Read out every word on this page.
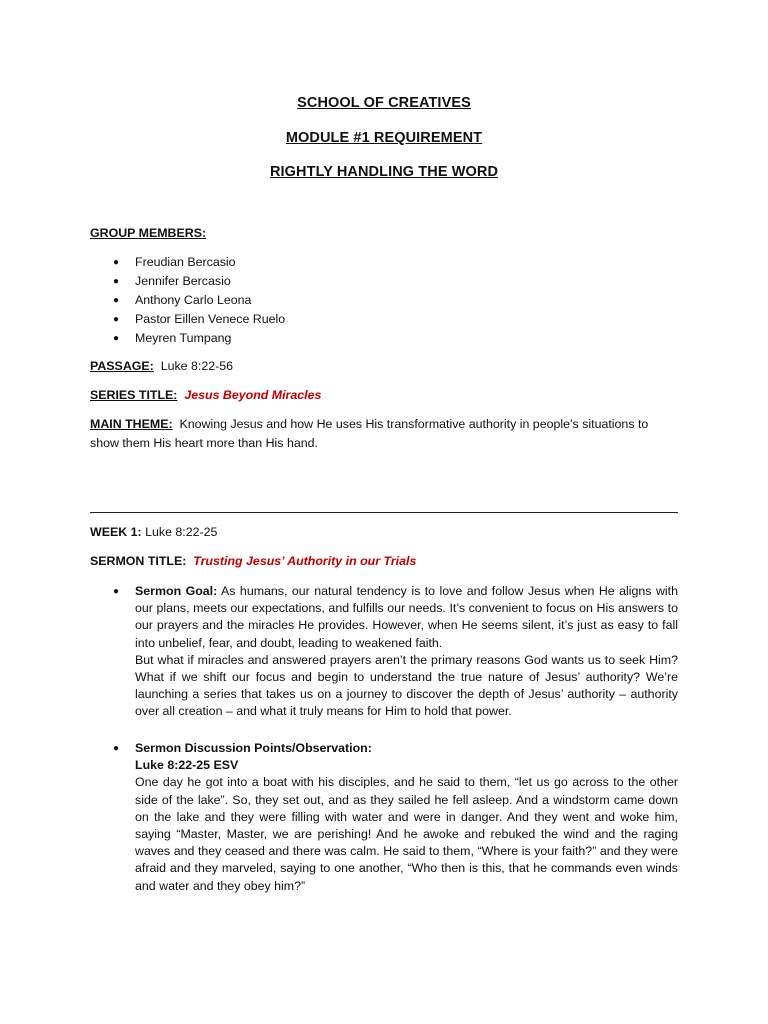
SCHOOL OF CREATIVES
MODULE #1 REQUIREMENT
RIGHTLY HANDLING THE WORD
GROUP MEMBERS:
● Freudian Bercasio
● Jennifer Bercasio
● Anthony Carlo Leona
● Pastor Eillen Venece Ruelo
● Meyren Tumpang
PASSAGE: Luke 8:22-56
SERIES TITLE: Jesus Beyond Miracles
MAIN THEME: Knowing Jesus and how He uses His transformative authority in people’s situations to show them His heart more than His hand.
WEEK 1: Luke 8:22-25
SERMON TITLE: Trusting Jesus’ Authority in our Trials
● Sermon Goal: As humans, our natural tendency is to love and follow Jesus when He aligns with our plans, meets our expectations, and fulfills our needs. It’s convenient to focus on His answers to our prayers and the miracles He provides. However, when He seems silent, it’s just as easy to fall into unbelief, fear, and doubt, leading to weakened faith.

But what if miracles and answered prayers aren’t the primary reasons God wants us to seek Him? What if we shift our focus and begin to understand the true nature of Jesus’ authority? We’re launching a series that takes us on a journey to discover the depth of Jesus’ authority – authority over all creation – and what it truly means for Him to hold that power.

● Sermon Discussion Points/Observation:
Luke 8:22-25 ESV

One day he got into a boat with his disciples, and he said to them, “let us go across to the other side of the lake”. So, they set out, and as they sailed he fell asleep. And a windstorm came down on the lake and they were filling with water and were in danger. And they went and woke him, saying “Master, Master, we are perishing! And he awoke and rebuked the wind and the raging waves and they ceased and there was calm. He said to them, “Where is your faith?” and they were afraid and they marveled, saying to one another, “Who then is this, that he commands even winds and water and they obey him?”
